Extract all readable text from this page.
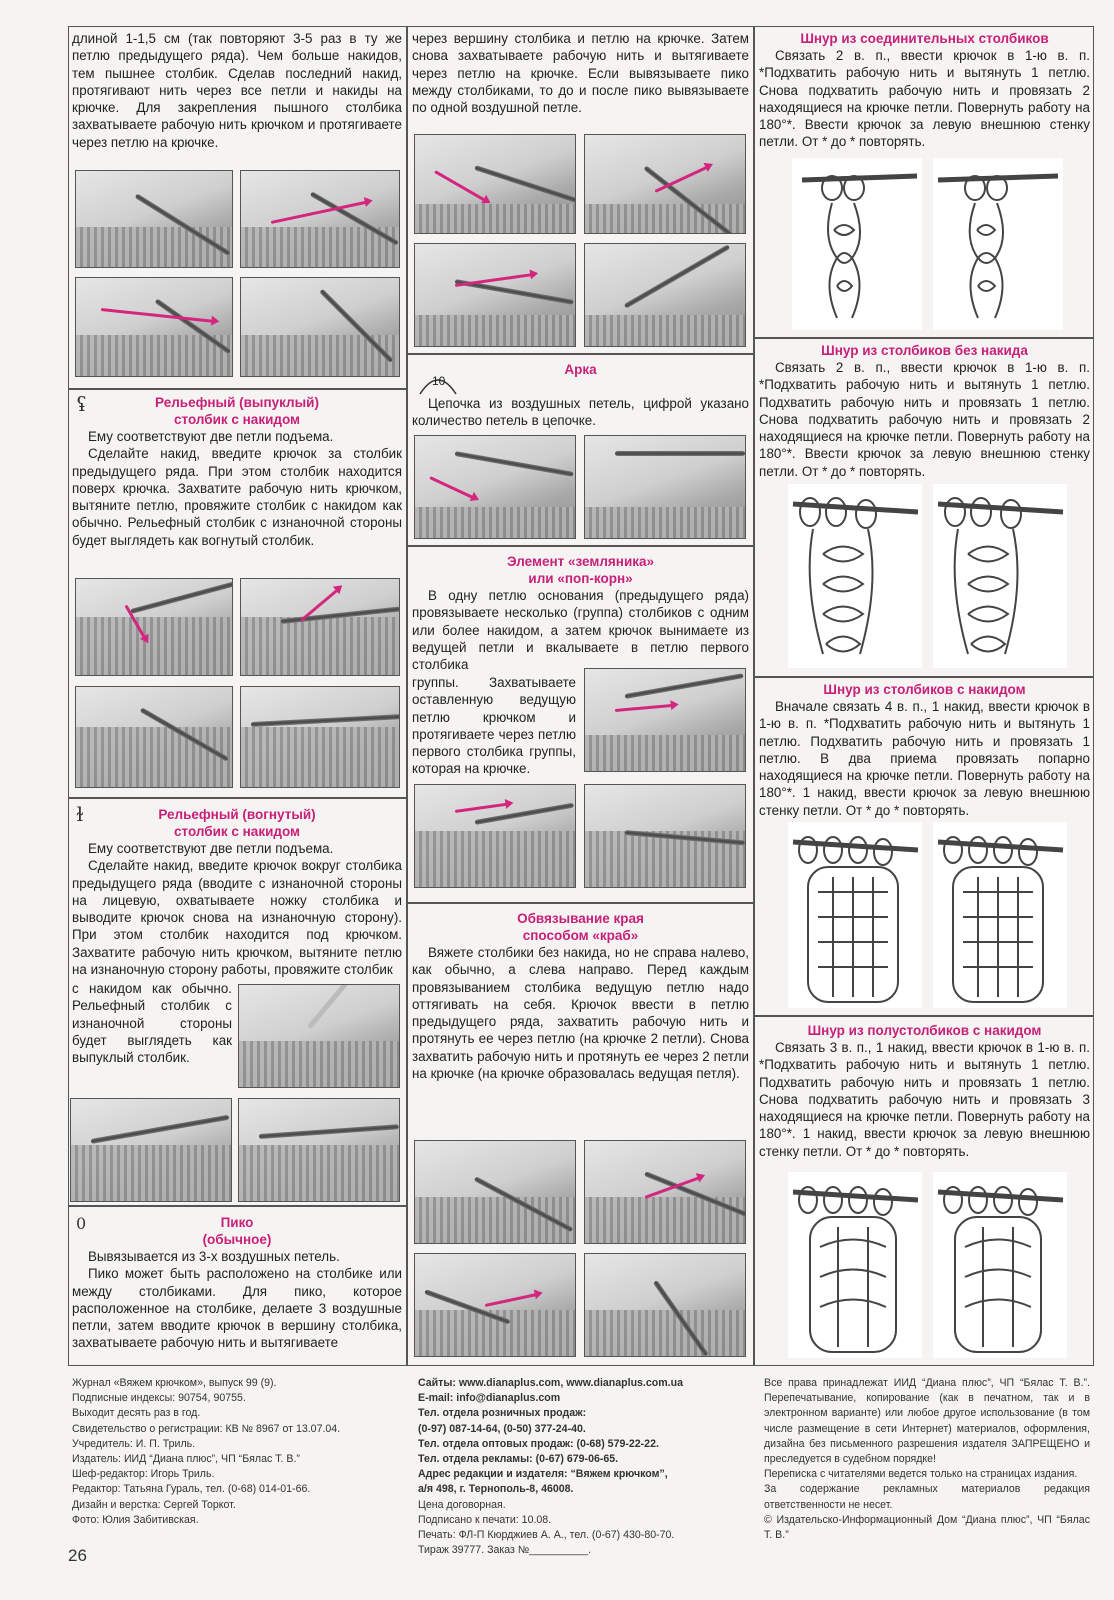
длиной 1-1,5 см (так повторяют 3-5 раз в ту же петлю предыдущего ряда). Чем больше накидов, тем пышнее столбик. Сделав последний накид, протягивают нить через все петли и накиды на крючке. Для закрепления пышного столбика захватываете рабочую нить крючком и протягиваете через петлю на крючке.

ʢ	Рельефный (выпуклый)
столбик с накидом

Ему соответствуют две петли подъема.

Сделайте накид, введите крючок за столбик предыдущего ряда. При этом столбик находится поверх крючка. Захватите рабочую нить крючком, вытяните петлю, провяжите столбик с накидом как обычно. Рельефный столбик с изнаночной стороны будет выглядеть как вогнутый столбик.

ɫ	Рельефный (вогнутый)
столбик с накидом

Ему соответствуют две петли подъема.

Сделайте накид, введите крючок вокруг столбика предыдущего ряда (вводите с изнаночной стороны на лицевую, охватываете ножку столбика и выводите крючок снова на изнаночную сторону). При этом столбик находится под крючком. Захватите рабочую нить крючком, вытяните петлю на изнаночную сторону работы, провяжите столбик

с накидом как обычно. Рельефный столбик с изнаночной стороны будет выглядеть как выпуклый столбик.

0	Пико
(обычное)

Вывязывается из 3-х воздушных петель.

Пико может быть расположено на столбике или между столбиками. Для пико, которое расположенное на столбике, делаете 3 воздушные петли, затем вводите крючок в вершину столбика, захватываете рабочую нить и вытягиваете

через вершину столбика и петлю на крючке. Затем снова захватываете рабочую нить и вытягиваете через петлю на крючке. Если вывязываете пико между столбиками, то до и после пико вывязываете по одной воздушной петле.

10
Арка

Цепочка из воздушных петель, цифрой указано количество петель в цепочке.

Элемент «земляника»
или «поп-корн»

В одну петлю основания (предыдущего ряда) провязываете несколько (группа) столбиков с одним или более накидом, а затем крючок вынимаете из ведущей петли и вкалываете в петлю первого столбика

группы. Захватываете оставленную ведущую петлю крючком и протягиваете через петлю первого столбика группы, которая на крючке.

Обвязывание края
способом «краб»

Вяжете столбики без накида, но не справа налево, как обычно, а слева направо. Перед каждым провязыванием столбика ведущую петлю надо оттягивать на себя. Крючок ввести в петлю предыдущего ряда, захватить рабочую нить и протянуть ее через петлю (на крючке 2 петли). Снова захватить рабочую нить и протянуть ее через 2 петли на крючке (на крючке образовалась ведущая петля).

Шнур из соединительных столбиков

Связать 2 в. п., ввести крючок в 1-ю в. п. *Подхватить рабочую нить и вытянуть 1 петлю. Снова подхватить рабочую нить и провязать 2 находящиеся на крючке петли. Повернуть работу на 180°*. Ввести крючок за левую внешнюю стенку петли. От * до * повторять.

Шнур из столбиков без накида

Связать 2 в. п., ввести крючок в 1-ю в. п. *Подхватить рабочую нить и вытянуть 1 петлю. Подхватить рабочую нить и провязать 1 петлю. Снова подхватить рабочую нить и провязать 2 находящиеся на крючке петли. Повернуть работу на 180°*. Ввести крючок за левую внешнюю стенку петли. От * до * повторять.

Шнур из столбиков с накидом

Вначале связать 4 в. п., 1 накид, ввести крючок в 1-ю в. п. *Подхватить рабочую нить и вытянуть 1 петлю. Подхватить рабочую нить и провязать 1 петлю. В два приема провязать попарно находящиеся на крючке петли. Повернуть работу на 180°*. 1 накид, ввести крючок за левую внешнюю стенку петли. От * до * повторять.

Шнур из полустолбиков с накидом

Связать 3 в. п., 1 накид, ввести крючок в 1-ю в. п. *Подхватить рабочую нить и вытянуть 1 петлю. Подхватить рабочую нить и провязать 1 петлю. Снова подхватить рабочую нить и провязать 3 находящиеся на крючке петли. Повернуть работу на 180°*. 1 накид, ввести крючок за левую внешнюю стенку петли. От * до * повторять.

Журнал «Вяжем крючком», выпуск 99 (9).
Подписные индексы: 90754, 90755.
Выходит десять раз в год.
Свидетельство о регистрации: КВ № 8967 от 13.07.04.
Учредитель: И. П. Триль.
Издатель: ИИД “Диана плюс”, ЧП “Бялас Т. В.”
Шеф-редактор: Игорь Триль.
Редактор: Татьяна Гураль, тел. (0-68) 014-01-66.
Дизайн и верстка: Сергей Торкот.
Фото: Юлия Забитивская.
Сайты: www.dianaplus.com, www.dianaplus.com.ua
E-mail: info@dianaplus.com
Тел. отдела розничных продаж:
(0-97) 087-14-64, (0-50) 377-24-40.
Тел. отдела оптовых продаж: (0-68) 579-22-22.
Тел. отдела рекламы: (0-67) 679-06-65.
Адрес редакции и издателя: “Вяжем крючком”,
а/я 498, г. Тернополь-8, 46008.
Цена договорная.
Подписано к печати: 10.08.
Печать: ФЛ-П Кюрджиев А. А., тел. (0-67) 430-80-70.
Тираж 39777. Заказ №__________.
Все права принадлежат ИИД “Диана плюс”, ЧП “Бялас Т. В.”. Перепечатывание, копирование (как в печатном, так и в электронном варианте) или любое другое использование (в том числе размещение в сети Интернет) материалов, оформления, дизайна без письменного разрешения издателя ЗАПРЕЩЕНО и преследуется в судебном порядке!
Переписка с читателями ведется только на страницах издания.
За содержание рекламных материалов редакция ответственности не несет.
© Издательско-Информационный Дом “Диана плюс”, ЧП “Бялас Т. В.”
26
